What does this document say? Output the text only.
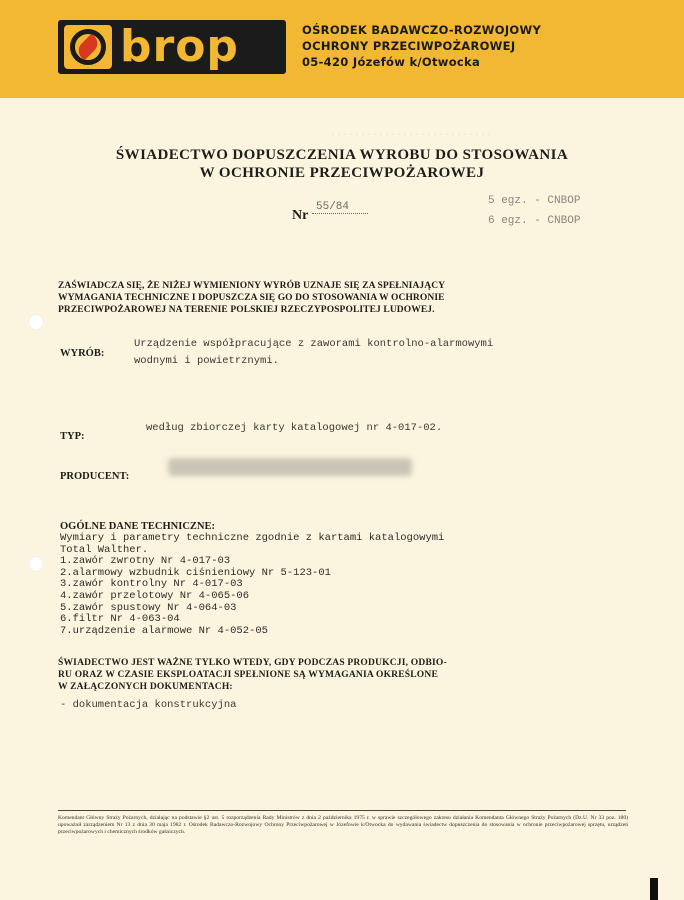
...........................
brop	OŚRODEK BADAWCZO-ROZWOJOWY
OCHRONY PRZECIWPOŻAROWEJ
05-420 Józefów k/Otwocka
ŚWIADECTWO DOPUSZCZENIA WYROBU DO STOSOWANIA
W OCHRONIE PRZECIWPOŻAROWEJ
Nr
55/84	5 egz. - CNBOP
6 egz. - CNBOP
ZAŚWIADCZA SIĘ, ŻE NIŻEJ WYMIENIONY WYRÓB UZNAJE SIĘ ZA SPEŁNIAJĄCY
WYMAGANIA TECHNICZNE I DOPUSZCZA SIĘ GO DO STOSOWANIA W OCHRONIE
PRZECIWPOŻAROWEJ NA TERENIE POLSKIEJ RZECZYPOSPOLITEJ LUDOWEJ.
WYRÓB:
Urządzenie współpracujące z zaworami kontrolno-alarmowymi
wodnymi i powietrznymi.
TYP:
według zbiorczej karty katalogowej nr 4-017-02.
PRODUCENT:
OGÓLNE DANE TECHNICZNE:
Wymiary i parametry techniczne zgodnie z kartami katalogowymi
Total Walther.
1.zawór zwrotny Nr 4-017-03
2.alarmowy wzbudnik ciśnieniowy Nr 5-123-01
3.zawór kontrolny Nr 4-017-03
4.zawór przelotowy Nr 4-065-06
5.zawór spustowy Nr 4-064-03
6.filtr Nr 4-063-04
7.urządzenie alarmowe Nr 4-052-05
ŚWIADECTWO JEST WAŻNE TYLKO WTEDY, GDY PODCZAS PRODUKCJI, ODBIO-
RU ORAZ W CZASIE EKSPLOATACJI SPEŁNIONE SĄ WYMAGANIA OKREŚLONE
W ZAŁĄCZONYCH DOKUMENTACH:
- dokumentacja konstrukcyjna
Komendant Główny Straży Pożarnych, działając na podstawie §2 ust. 5 rozporządzenia Rady Ministrów z dnia 2 października 1975 r. w sprawie szczegółowego zakresu działania Komendanta Głównego Straży Pożarnych (Dz.U. Nr 33 poz. 180) upoważnił zarządzeniem Nr 13 z dnia 30 maja 1982 r. Ośrodek Badawczo-Rozwojowy Ochrony Przeciwpożarowej w Józefowie k/Otwocka do wydawania świadectw dopuszczenia do stosowania w ochronie przeciwpożarowej sprzętu, urządzeń przeciwpożarowych i chemicznych środków gaśniczych.
